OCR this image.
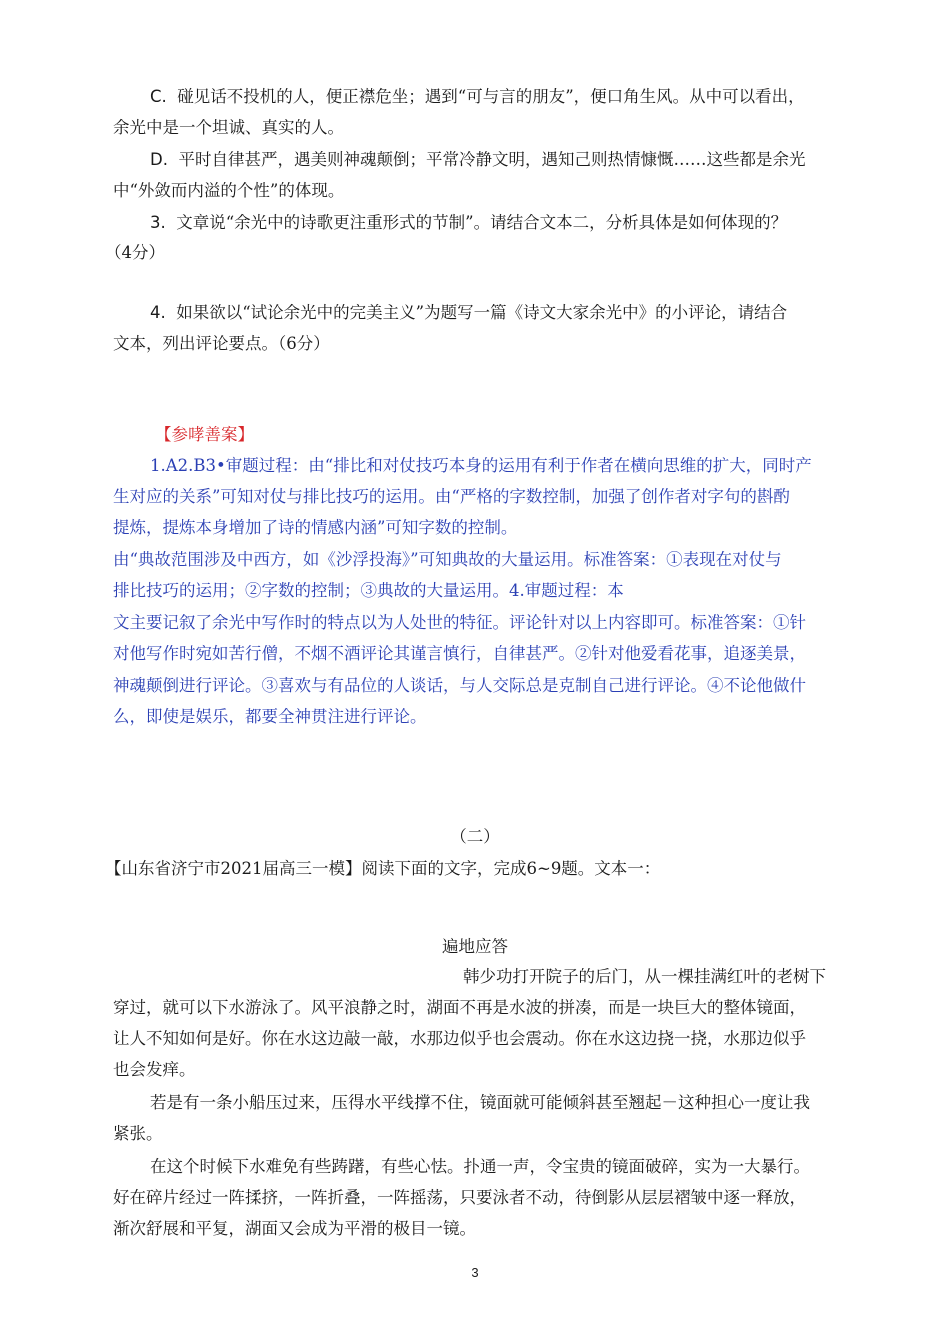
C. 碰见话不投机的人，便正襟危坐；遇到“可与言的朋友”，便口角生风。从中可以看出，
余光中是一个坦诚、真实的人。
D. 平时自律甚严，遇美则神魂颠倒；平常冷静文明，遇知己则热情慷慨……这些都是余光
中“外敛而内溢的个性”的体现。
3. 文章说“余光中的诗歌更注重形式的节制”。请结合文本二，分析具体是如何体现的？
（4分）
4. 如果欲以“试论余光中的完美主义”为题写一篇《诗文大家余光中》的小评论，请结合
文本，列出评论要点。（6分）
【参哮善案】
1.A2.B3•审题过程：由“排比和对仗技巧本身的运用有利于作者在横向思维的扩大，同时产
生对应的关系”可知对仗与排比技巧的运用。由“严格的字数控制，加强了创作者对字句的斟酌
提炼，提炼本身增加了诗的情感内涵”可知字数的控制。
由“典故范围涉及中西方，如《沙浮投海》”可知典故的大量运用。标准答案：①表现在对仗与
排比技巧的运用；②字数的控制；③典故的大量运用。4.审题过程：本
文主要记叙了余光中写作时的特点以为人处世的特征。评论针对以上内容即可。标准答案：①针
对他写作时宛如苦行僧，不烟不酒评论其谨言慎行，自律甚严。②针对他爱看花事，追逐美景，
神魂颠倒进行评论。③喜欢与有品位的人谈话，与人交际总是克制自己进行评论。④不论他做什
么，即使是娱乐，都要全神贯注进行评论。
（二）
【山东省济宁市2021届高三一模】阅读下面的文字，完成6~9题。文本一：
遍地应答
韩少功打开院子的后门，从一棵挂满红叶的老树下
穿过，就可以下水游泳了。风平浪静之时，湖面不再是水波的拼凑，而是一块巨大的整体镜面，
让人不知如何是好。你在水这边敲一敲，水那边似乎也会震动。你在水这边挠一挠，水那边似乎
也会发痒。
若是有一条小船压过来，压得水平线撑不住，镜面就可能倾斜甚至翘起－这种担心一度让我
紧张。
在这个时候下水难免有些踌躇，有些心怯。扑通一声，令宝贵的镜面破碎，实为一大暴行。
好在碎片经过一阵揉挤，一阵折叠，一阵摇荡，只要泳者不动，待倒影从层层褶皱中逐一释放，
渐次舒展和平复，湖面又会成为平滑的极目一镜。
3
